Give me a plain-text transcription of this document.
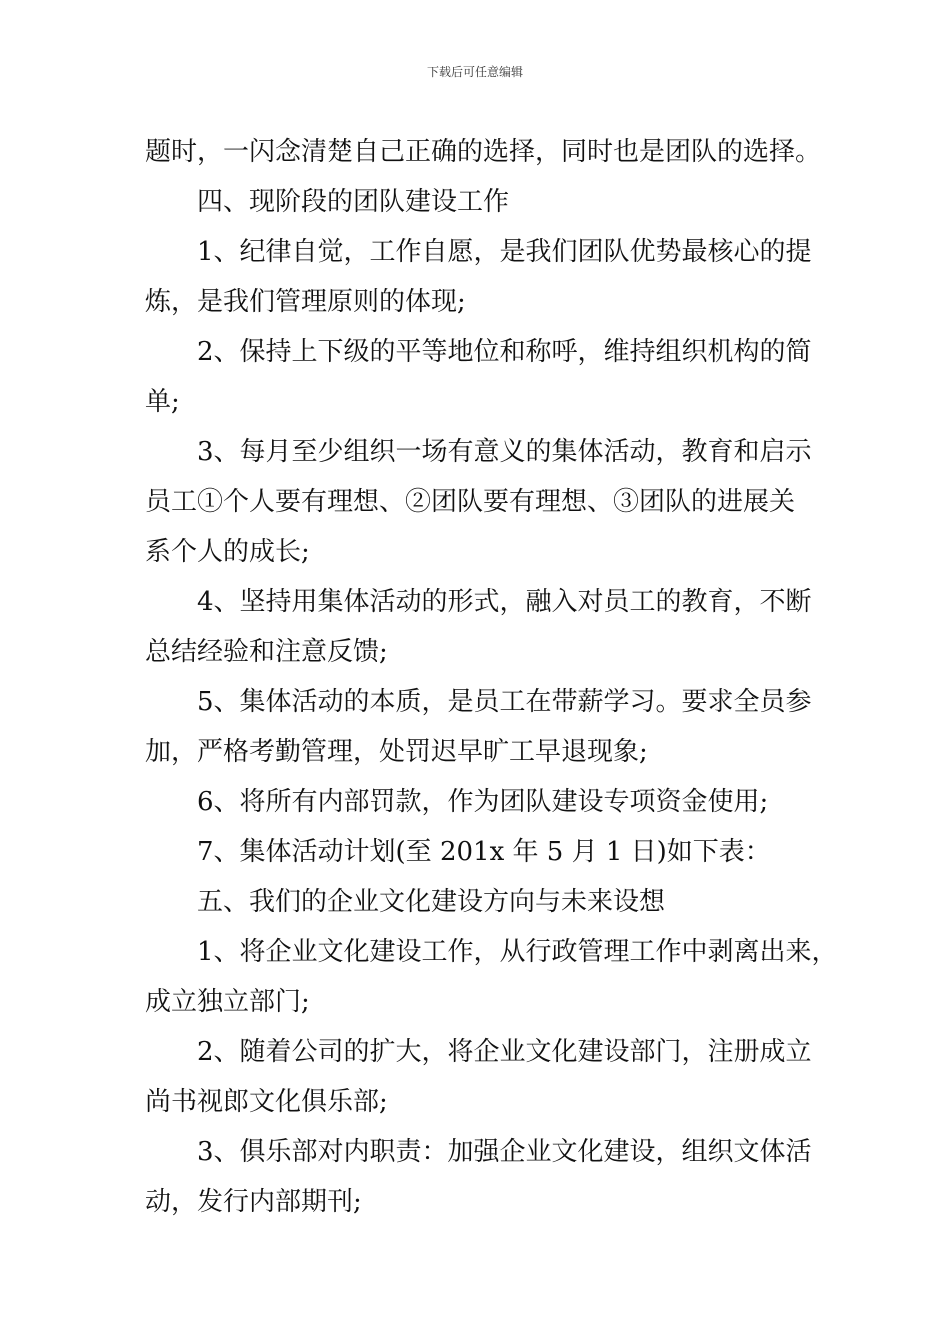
下载后可任意编辑
题时，一闪念清楚自己正确的选择，同时也是团队的选择。
四、现阶段的团队建设工作
1、纪律自觉，工作自愿，是我们团队优势最核心的提
炼，是我们管理原则的体现;
2、保持上下级的平等地位和称呼，维持组织机构的简
单;
3、每月至少组织一场有意义的集体活动，教育和启示
员工①个人要有理想、②团队要有理想、③团队的进展关
系个人的成长;
4、坚持用集体活动的形式，融入对员工的教育，不断
总结经验和注意反馈;
5、集体活动的本质，是员工在带薪学习。要求全员参
加，严格考勤管理，处罚迟早旷工早退现象;
6、将所有内部罚款，作为团队建设专项资金使用;
7、集体活动计划(至 201x 年 5 月 1 日)如下表：
五、我们的企业文化建设方向与未来设想
1、将企业文化建设工作，从行政管理工作中剥离出来，
成立独立部门;
2、随着公司的扩大，将企业文化建设部门，注册成立
尚书视郎文化俱乐部;
3、俱乐部对内职责：加强企业文化建设，组织文体活
动，发行内部期刊;
